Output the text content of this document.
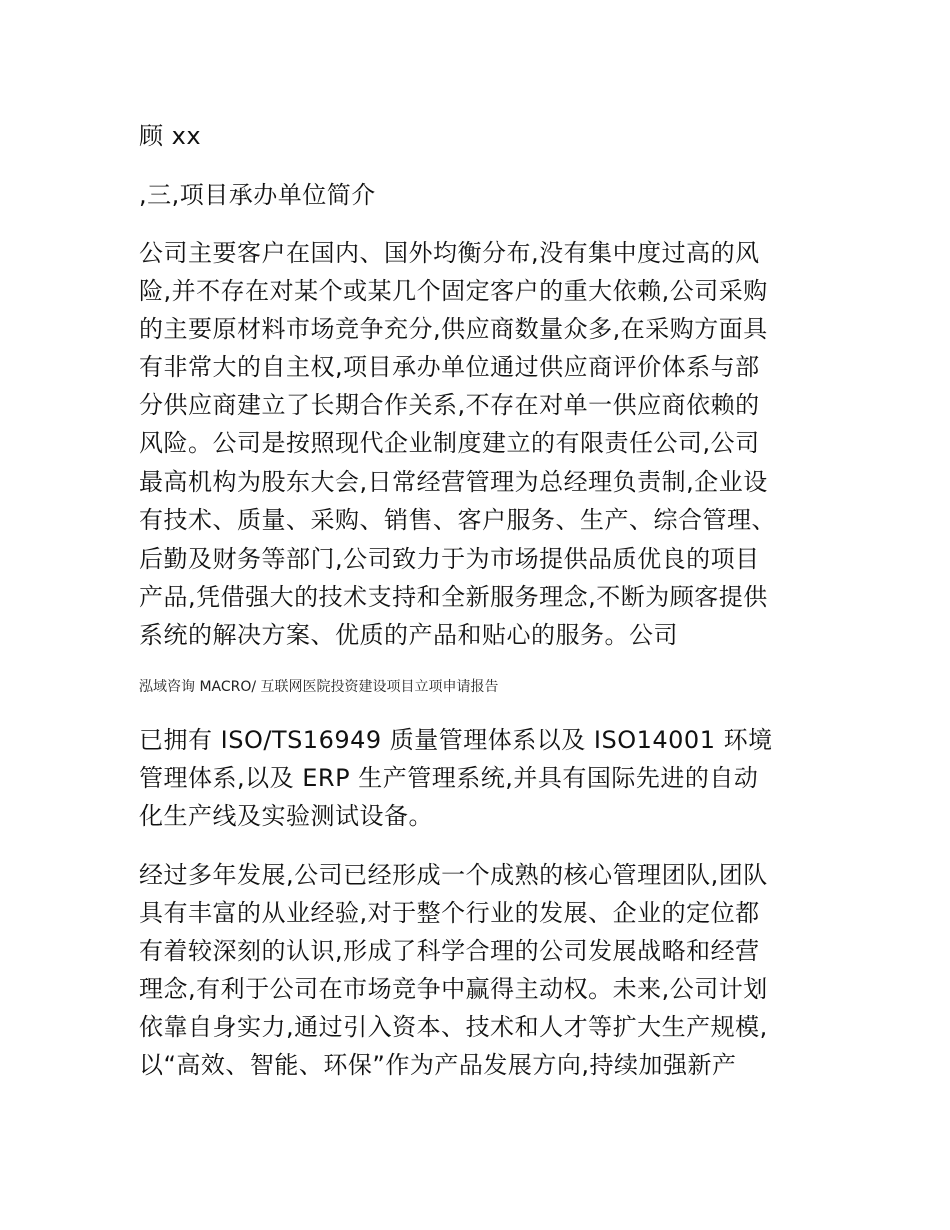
顾 xx
,三,项目承办单位简介
公司主要客户在国内、国外均衡分布,没有集中度过高的风
险,并不存在对某个或某几个固定客户的重大依赖,公司采购
的主要原材料市场竞争充分,供应商数量众多,在采购方面具
有非常大的自主权,项目承办单位通过供应商评价体系与部
分供应商建立了长期合作关系,不存在对单一供应商依赖的
风险。公司是按照现代企业制度建立的有限责任公司,公司
最高机构为股东大会,日常经营管理为总经理负责制,企业设
有技术、质量、采购、销售、客户服务、生产、综合管理、
后勤及财务等部门,公司致力于为市场提供品质优良的项目
产品,凭借强大的技术支持和全新服务理念,不断为顾客提供
系统的解决方案、优质的产品和贴心的服务。公司
泓域咨询 MACRO/ 互联网医院投资建设项目立项申请报告
已拥有 ISO/TS16949 质量管理体系以及 ISO14001 环境
管理体系,以及 ERP 生产管理系统,并具有国际先进的自动
化生产线及实验测试设备。
经过多年发展,公司已经形成一个成熟的核心管理团队,团队
具有丰富的从业经验,对于整个行业的发展、企业的定位都
有着较深刻的认识,形成了科学合理的公司发展战略和经营
理念,有利于公司在市场竞争中赢得主动权。未来,公司计划
依靠自身实力,通过引入资本、技术和人才等扩大生产规模,
以“高效、智能、环保”作为产品发展方向,持续加强新产
